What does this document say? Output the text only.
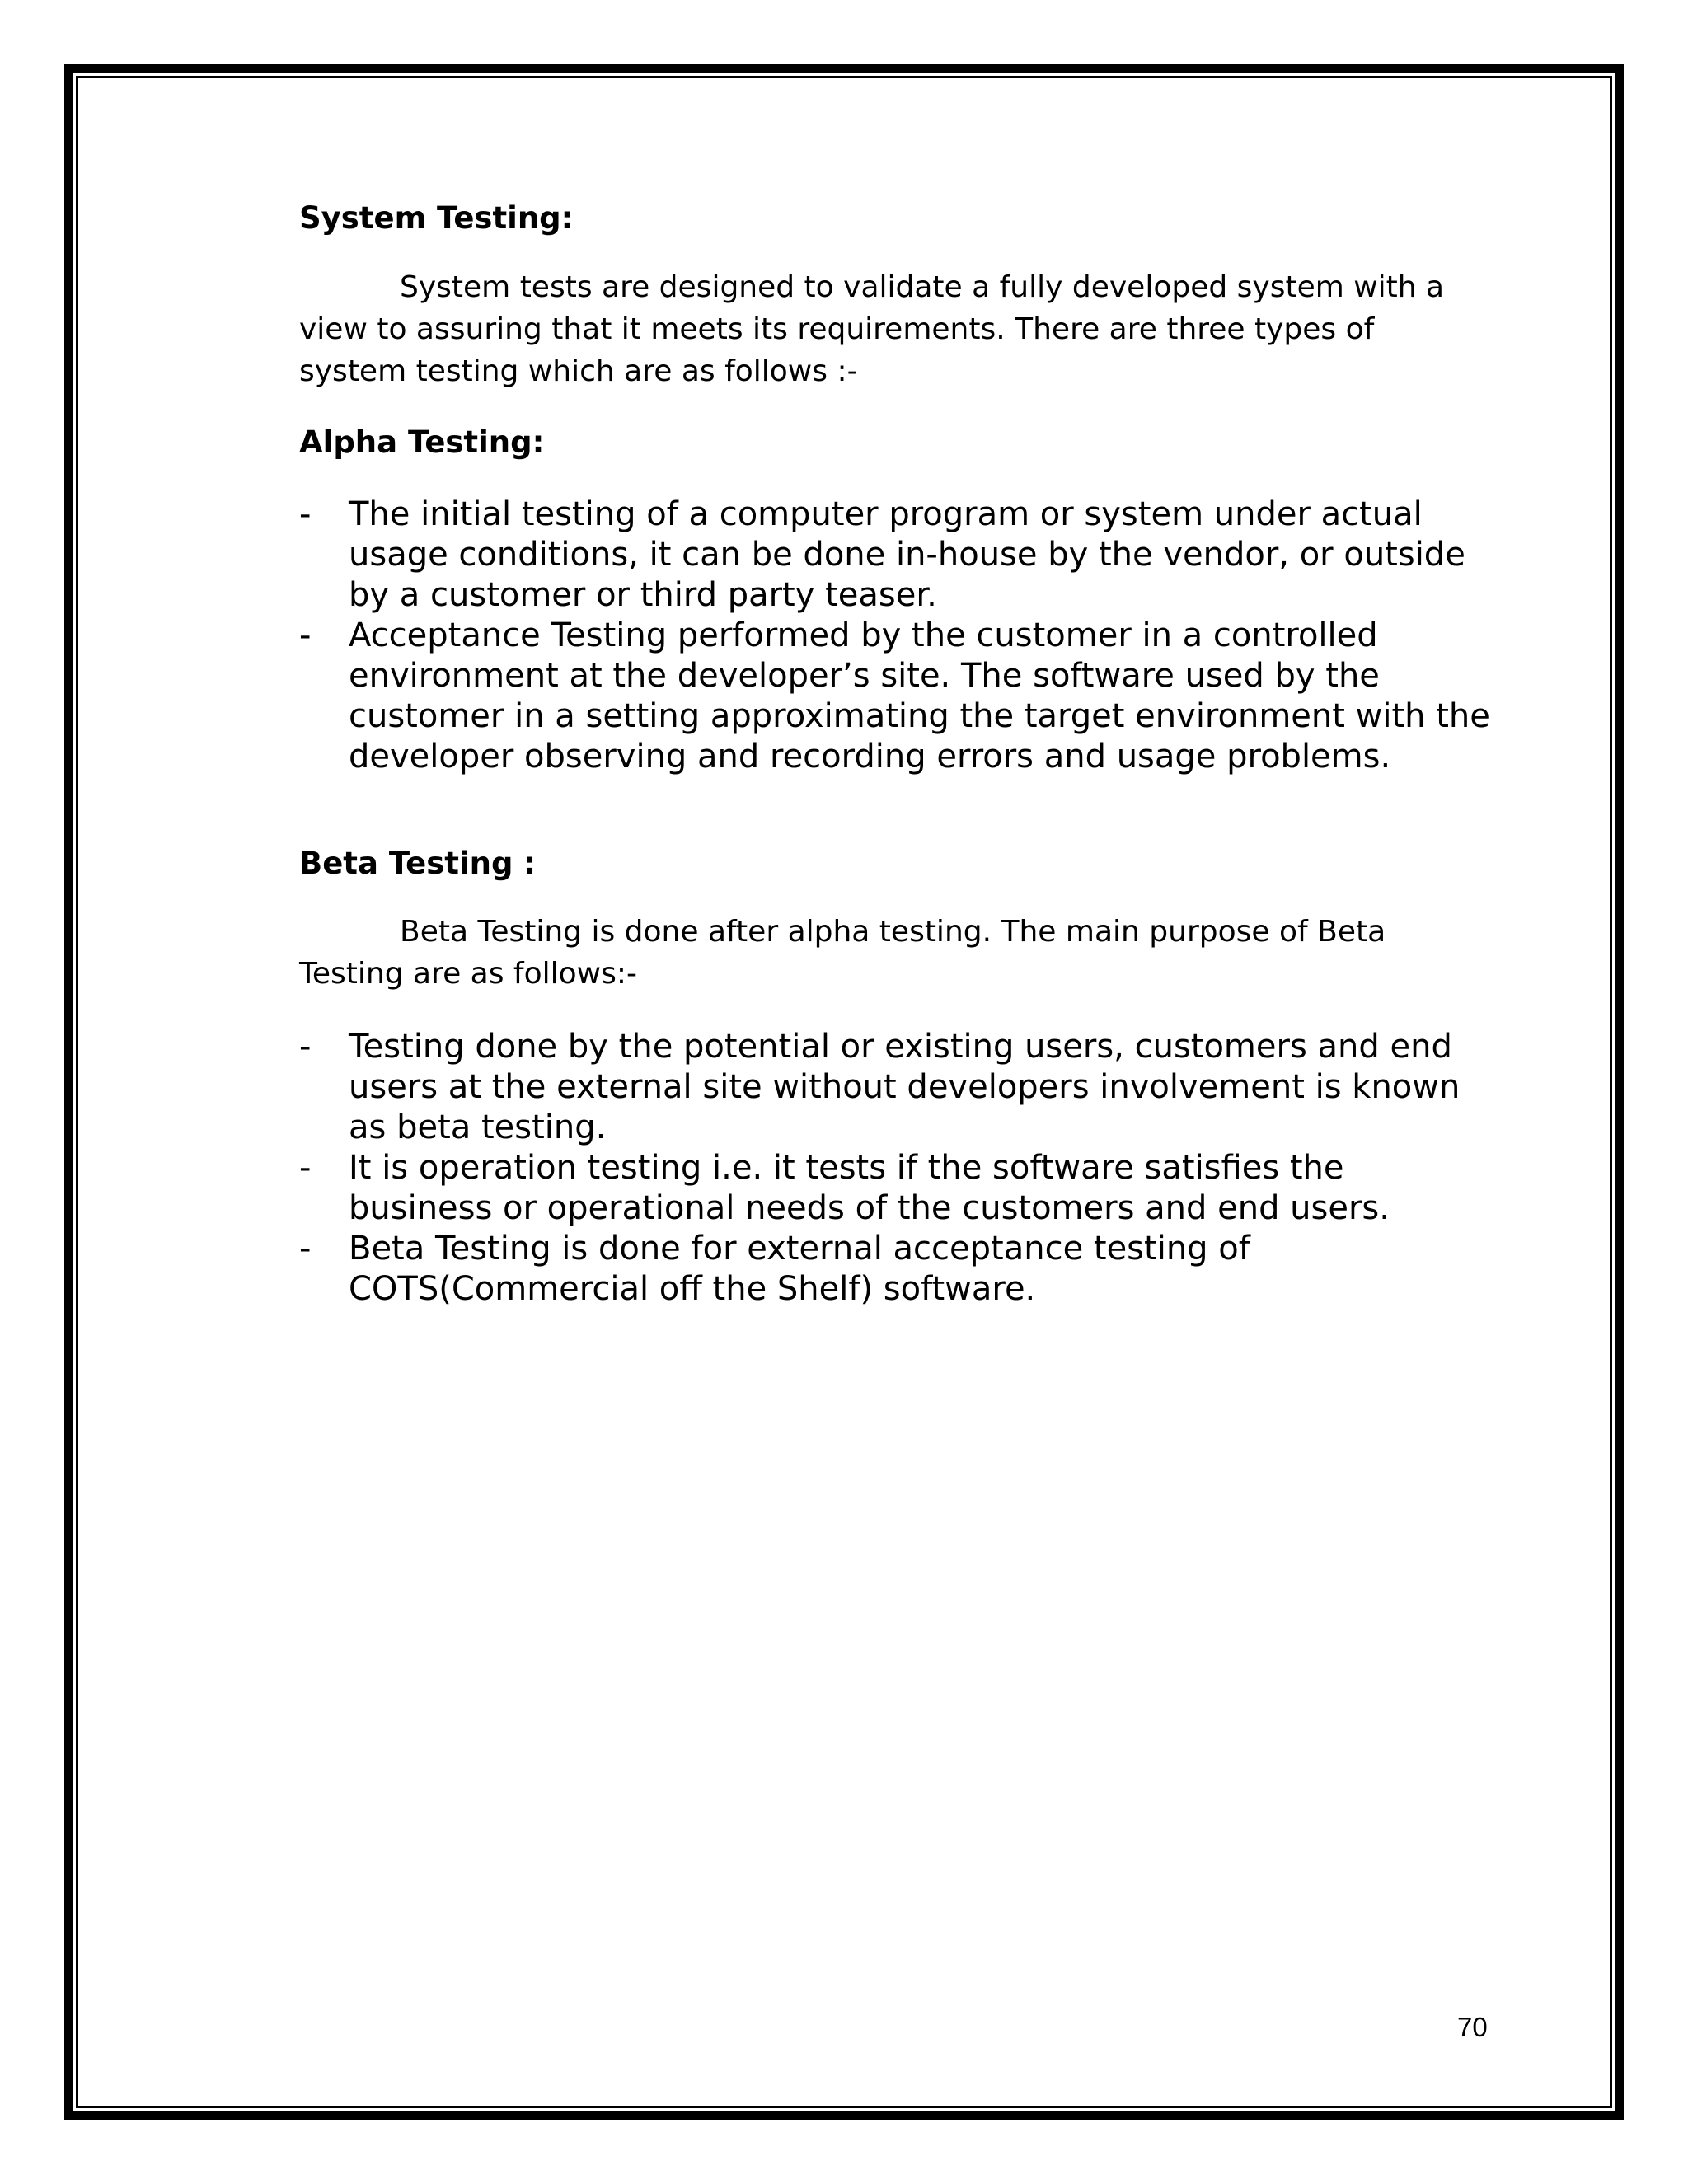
System Testing:
System tests are designed to validate a fully developed system with a view to assuring that it meets its requirements. There are three types of system testing which are as follows :-
Alpha Testing:
- The initial testing of a computer program or system under actual usage conditions, it can be done in-house by the vendor, or outside by a customer or third party teaser.
- Acceptance Testing performed by the customer in a controlled environment at the developer’s site. The software used by the customer in a setting approximating the target environment with the developer observing and recording errors and usage problems.
Beta Testing :
Beta Testing is done after alpha testing. The main purpose of Beta Testing are as follows:-
- Testing done by the potential or existing users, customers and end users at the external site without developers involvement is known as beta testing.
- It is operation testing i.e. it tests if the software satisfies the business or operational needs of the customers and end users.
- Beta Testing is done for external acceptance testing of COTS(Commercial off the Shelf) software.
70
